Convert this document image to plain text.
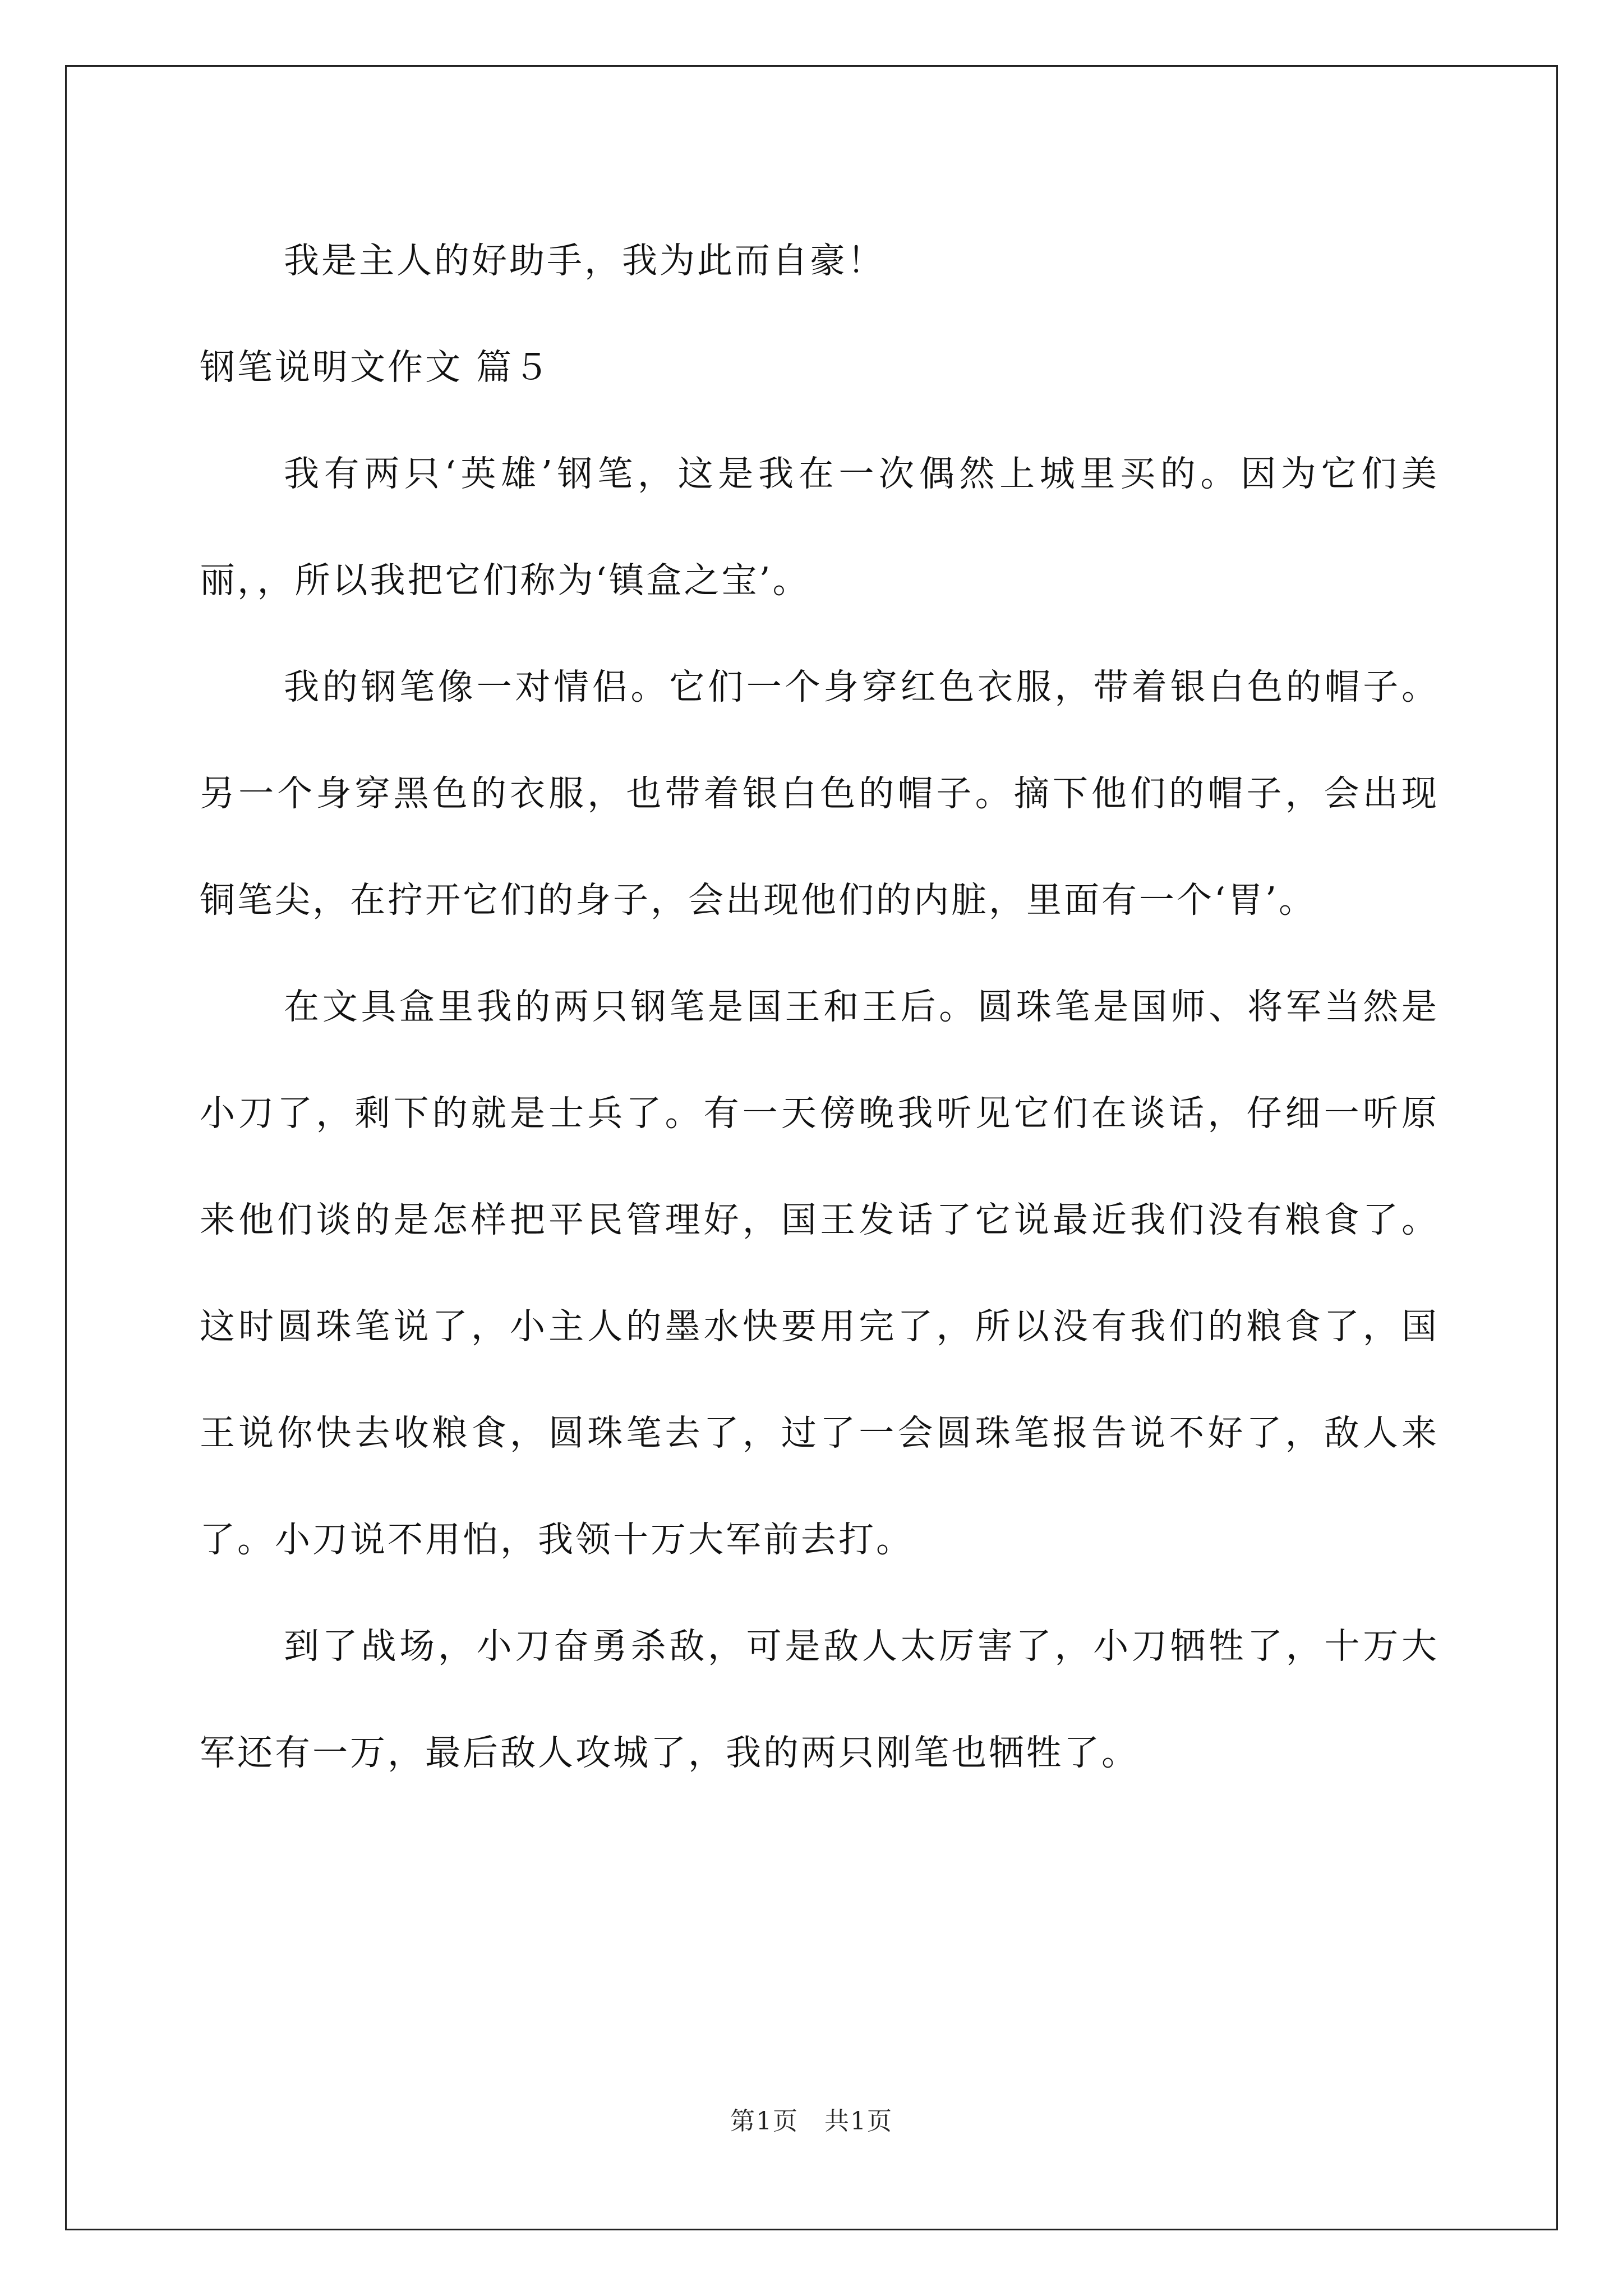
我是主人的好助手，我为此而自豪！

钢笔说明文作文 篇５

我有两只‘英雄’钢笔，这是我在一次偶然上城里买的。因为它们美丽，，所以我把它们称为‘镇盒之宝’。

我的钢笔像一对情侣。它们一个身穿红色衣服，带着银白色的帽子。另一个身穿黑色的衣服，也带着银白色的帽子。摘下他们的帽子，会出现铜笔尖，在拧开它们的身子，会出现他们的内脏，里面有一个‘胃’。

在文具盒里我的两只钢笔是国王和王后。圆珠笔是国师、将军当然是小刀了，剩下的就是士兵了。有一天傍晚我听见它们在谈话，仔细一听原来他们谈的是怎样把平民管理好，国王发话了它说最近我们没有粮食了。这时圆珠笔说了，小主人的墨水快要用完了，所以没有我们的粮食了，国王说你快去收粮食，圆珠笔去了，过了一会圆珠笔报告说不好了，敌人来了。小刀说不用怕，我领十万大军前去打。

到了战场，小刀奋勇杀敌，可是敌人太厉害了，小刀牺牲了，十万大军还有一万，最后敌人攻城了，我的两只刚笔也牺牲了。

第1页　共1页
